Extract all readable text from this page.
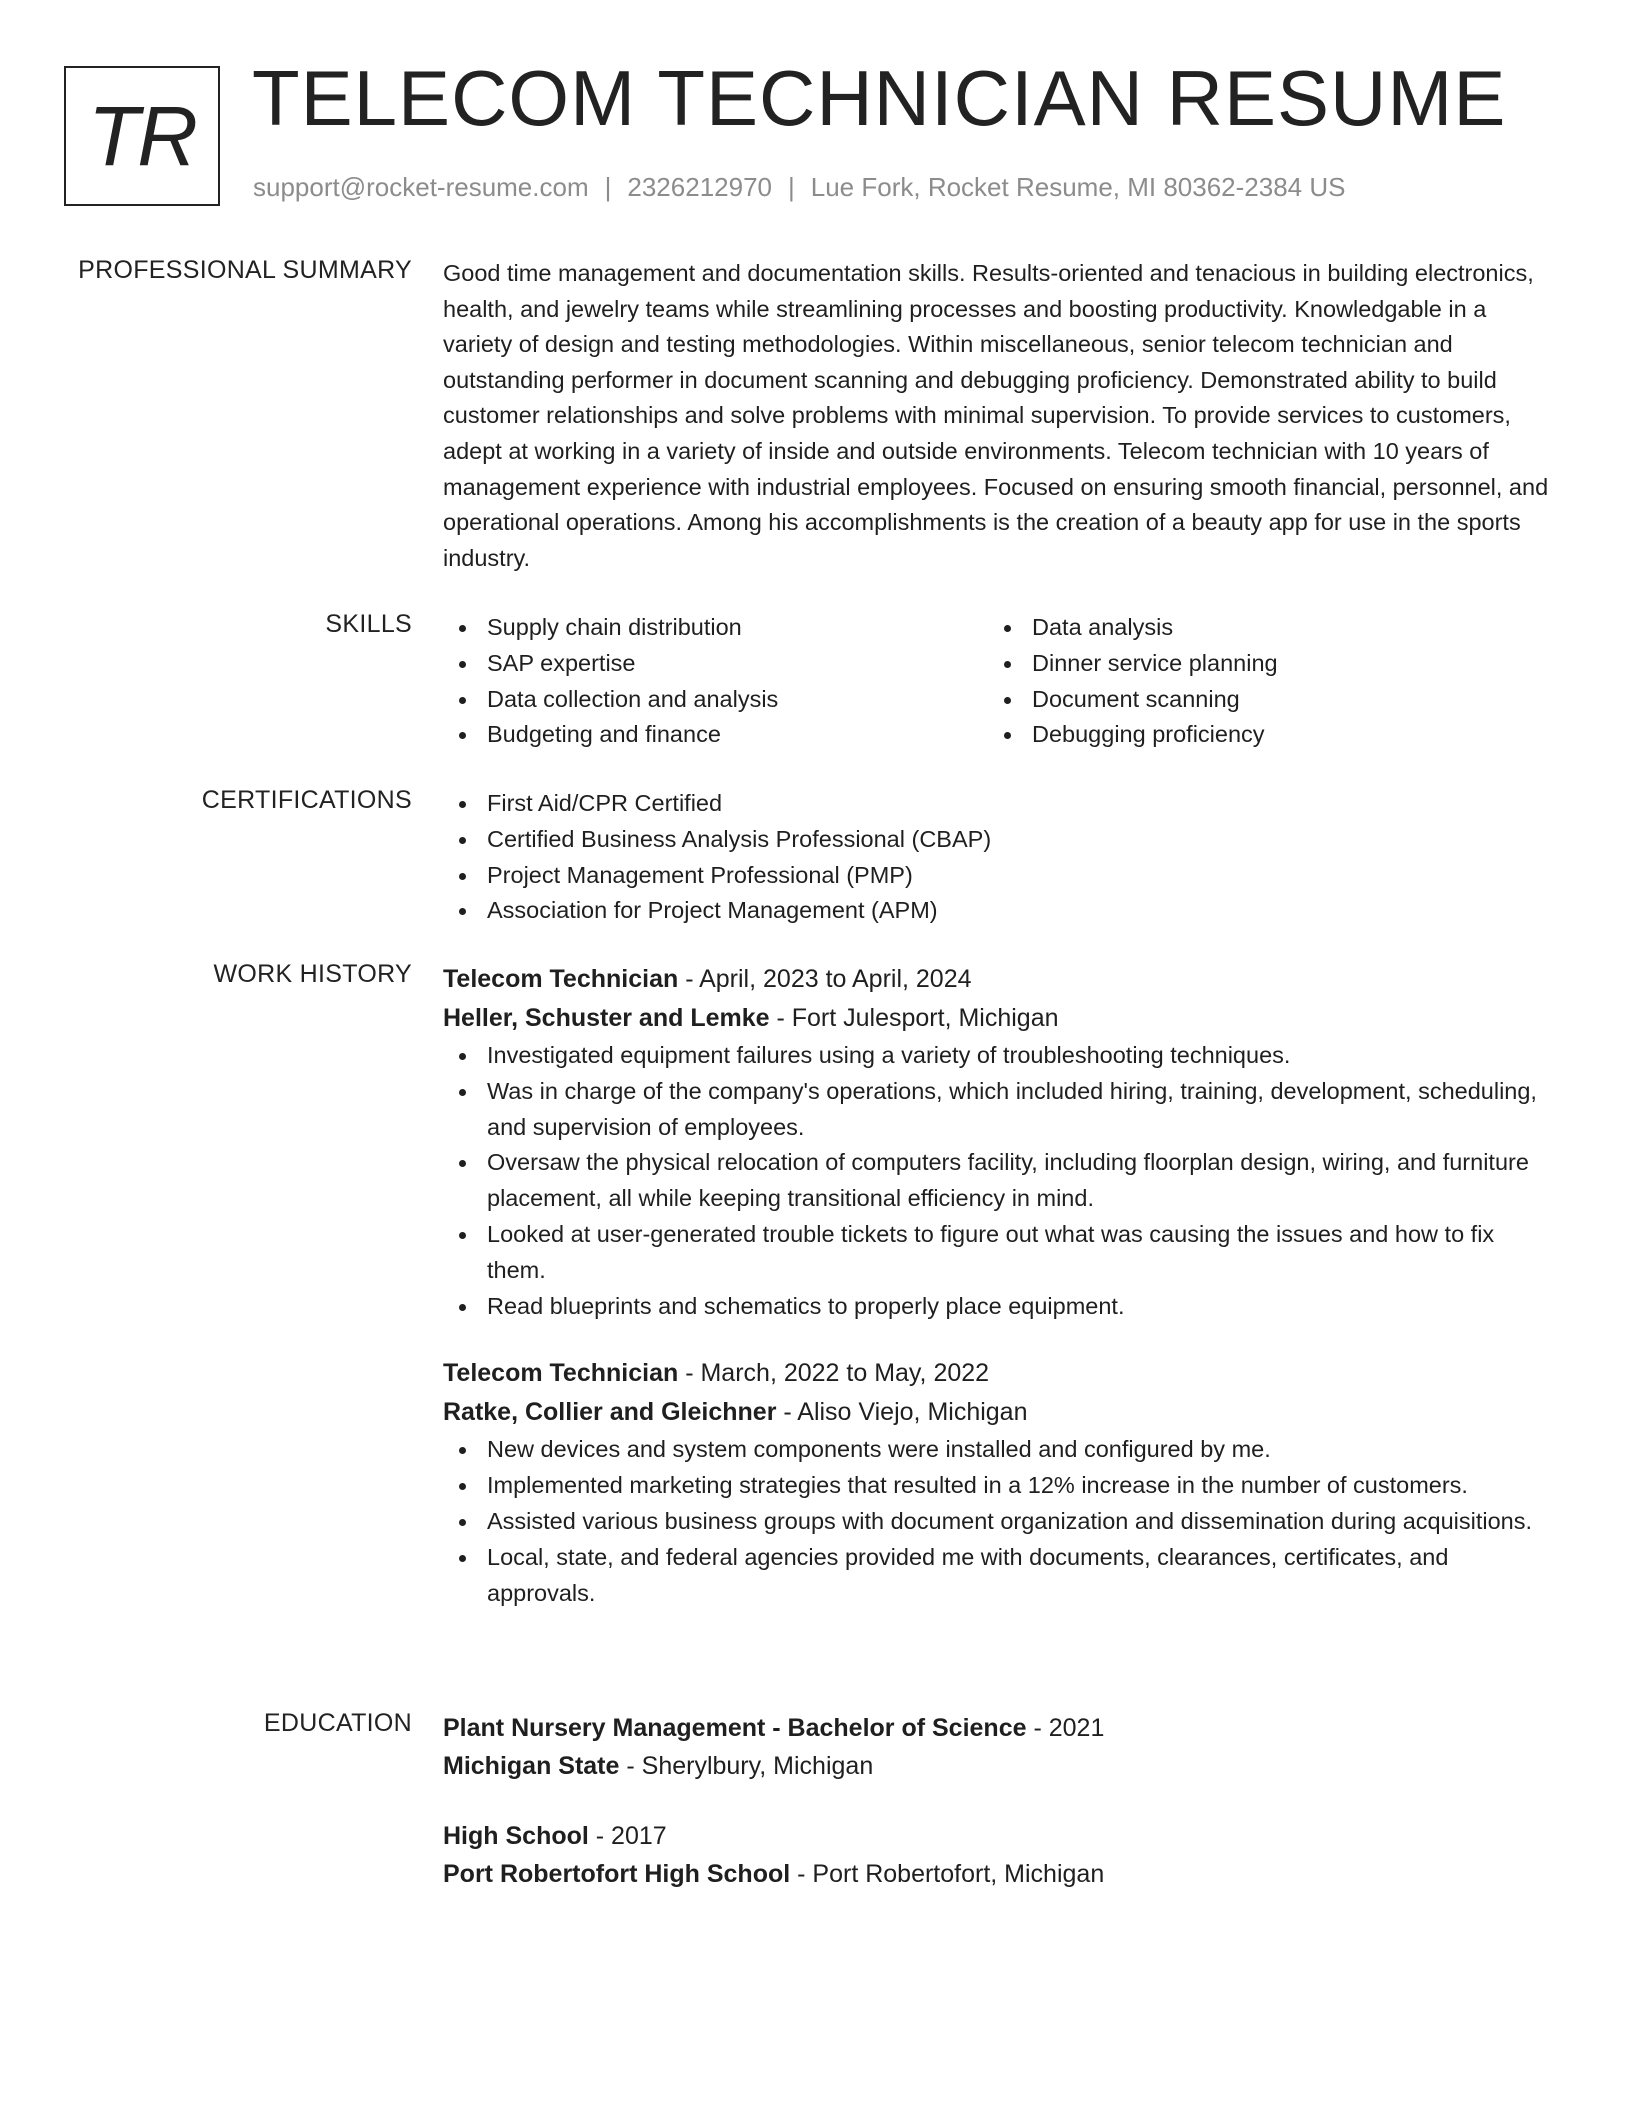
TR TELECOM TECHNICIAN RESUME
support@rocket-resume.com | 2326212970 | Lue Fork, Rocket Resume, MI 80362-2384 US
PROFESSIONAL SUMMARY Good time management and documentation skills. Results-oriented and tenacious in building electronics, health, and jewelry teams while streamlining processes and boosting productivity. Knowledgable in a variety of design and testing methodologies. Within miscellaneous, senior telecom technician and outstanding performer in document scanning and debugging proficiency. Demonstrated ability to build customer relationships and solve problems with minimal supervision. To provide services to customers, adept at working in a variety of inside and outside environments. Telecom technician with 10 years of management experience with industrial employees. Focused on ensuring smooth financial, personnel, and operational operations. Among his accomplishments is the creation of a beauty app for use in the sports industry.

SKILLS	Supply chain distribution
SAP expertise
Data collection and analysis
Budgeting and finance
Data analysis
Dinner service planning
Document scanning
Debugging proficiency
CERTIFICATIONS	First Aid/CPR Certified
Certified Business Analysis Professional (CBAP)
Project Management Professional (PMP)
Association for Project Management (APM)
WORK HISTORY Telecom Technician - April, 2023 to April, 2024
Heller, Schuster and Lemke - Fort Julesport, Michigan
Investigated equipment failures using a variety of troubleshooting techniques.
Was in charge of the company's operations, which included hiring, training, development, scheduling, and supervision of employees.
Oversaw the physical relocation of computers facility, including floorplan design, wiring, and furniture placement, all while keeping transitional efficiency in mind.
Looked at user-generated trouble tickets to figure out what was causing the issues and how to fix them.
Read blueprints and schematics to properly place equipment.
Telecom Technician - March, 2022 to May, 2022
Ratke, Collier and Gleichner - Aliso Viejo, Michigan
New devices and system components were installed and configured by me.
Implemented marketing strategies that resulted in a 12% increase in the number of customers.
Assisted various business groups with document organization and dissemination during acquisitions.
Local, state, and federal agencies provided me with documents, clearances, certificates, and approvals.
EDUCATION Plant Nursery Management - Bachelor of Science - 2021
Michigan State - Sherylbury, Michigan
High School - 2017
Port Robertofort High School - Port Robertofort, Michigan
